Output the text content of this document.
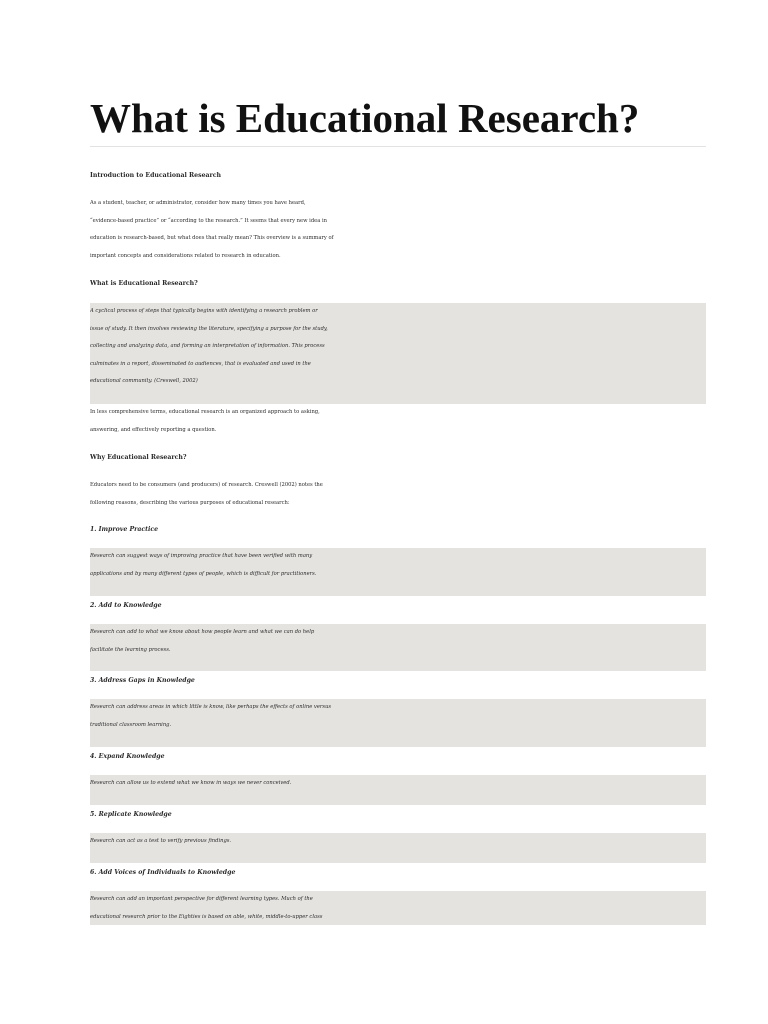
What is Educational Research?
Introduction to Educational Research
As a student, teacher, or administrator, consider how many times you have heard,
“evidence-based practice” or “according to the research.” It seems that every new idea in
education is research-based, but what does that really mean? This overview is a summary of
important concepts and considerations related to research in education.
What is Educational Research?
A cyclical process of steps that typically begins with identifying a research problem or
issue of study. It then involves reviewing the literature, specifying a purpose for the study,
collecting and analyzing data, and forming an interpretation of information. This process
culminates in a report, disseminated to audiences, that is evaluated and used in the
educational community. (Creswell, 2002)
In less comprehensive terms, educational research is an organized approach to asking,
answering, and effectively reporting a question.
Why Educational Research?
Educators need to be consumers (and producers) of research. Creswell (2002) notes the
following reasons, describing the various purposes of educational research:
1. Improve Practice
Research can suggest ways of improving practice that have been verified with many
applications and by many different types of people, which is difficult for practitioners.
2. Add to Knowledge
Research can add to what we know about how people learn and what we can do help
facilitate the learning process.
3. Address Gaps in Knowledge
Research can address areas in which little is know, like perhaps the effects of online versus
traditional classroom learning.
4. Expand Knowledge
Research can allow us to extend what we know in ways we never conceived.
5. Replicate Knowledge
Research can act as a test to verify previous findings.
6. Add Voices of Individuals to Knowledge
Research can add an important perspective for different learning types. Much of the
educational research prior to the Eighties is based on able, white, middle-to-upper class
